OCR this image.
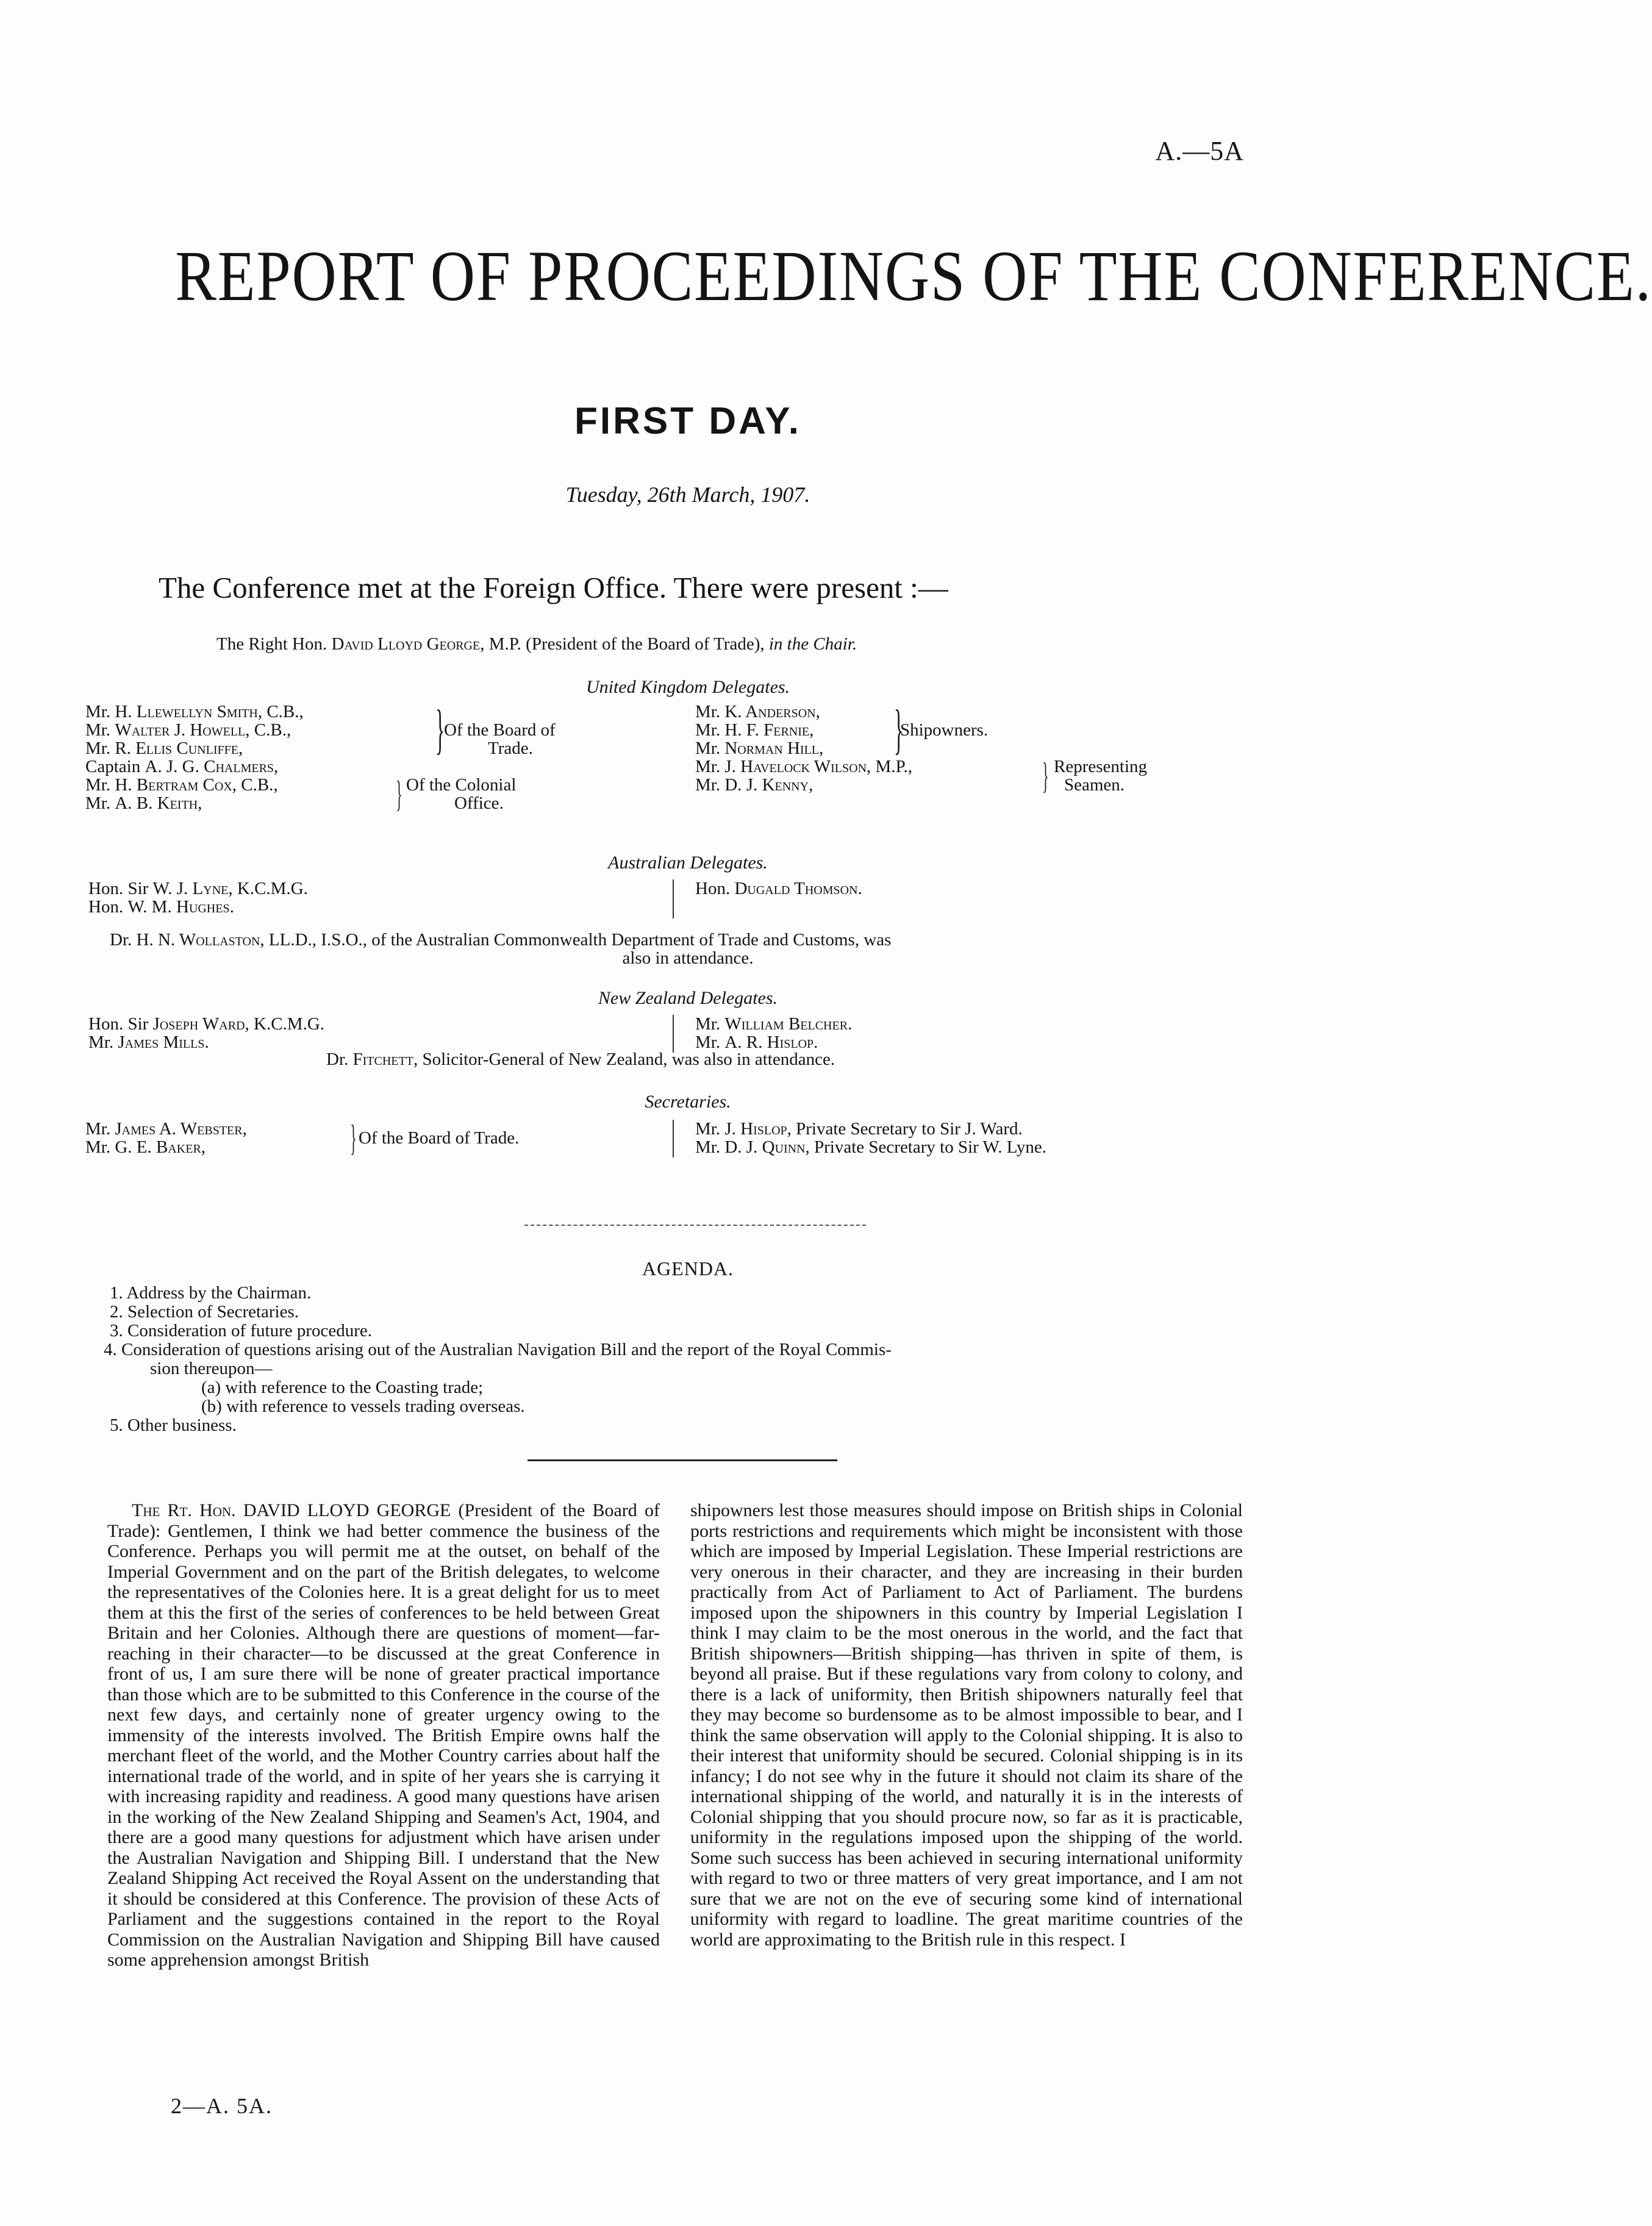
A.—5A
REPORT OF PROCEEDINGS OF THE CONFERENCE.
FIRST DAY.
Tuesday, 26th March, 1907.
The Conference met at the Foreign Office. There were present :—
The Right Hon. David Lloyd George, M.P. (President of the Board of Trade), in the Chair.
United Kingdom Delegates.
Mr. H. Llewellyn Smith, C.B.,
Mr. Walter J. Howell, C.B.,
Mr. R. Ellis Cunliffe,
Captain A. J. G. Chalmers,
Mr. H. Bertram Cox, C.B.,
Mr. A. B. Keith,
}
Of the Board of
Trade.
} Of the Colonial
Office.
Mr. K. Anderson,
Mr. H. F. Fernie,
Mr. Norman Hill,
Mr. J. Havelock Wilson, M.P.,
Mr. D. J. Kenny,
}
Shipowners.
} Representing
Seamen.
Australian Delegates.
Hon. Sir W. J. Lyne, K.C.M.G.
Hon. W. M. Hughes.
Hon. Dugald Thomson.
Dr. H. N. Wollaston, LL.D., I.S.O., of the Australian Commonwealth Department of Trade and Customs, was
also in attendance.
New Zealand Delegates.
Hon. Sir Joseph Ward, K.C.M.G.
Mr. James Mills.
Mr. William Belcher.
Mr. A. R. Hislop.
Dr. Fitchett, Solicitor-General of New Zealand, was also in attendance.
Secretaries.
Mr. James A. Webster,
Mr. G. E. Baker,	} Of the Board of Trade.	Mr. J. Hislop, Private Secretary to Sir J. Ward.
Mr. D. J. Quinn, Private Secretary to Sir W. Lyne.
AGENDA.
1. Address by the Chairman.
2. Selection of Secretaries.
3. Consideration of future procedure.
4. Consideration of questions arising out of the Australian Navigation Bill and the report of the Royal Commis-
sion thereupon—
(a) with reference to the Coasting trade;
(b) with reference to vessels trading overseas.
5. Other business.

The Rt. Hon. DAVID LLOYD GEORGE (President of the Board of Trade): Gentlemen, I think we had better commence the business of the Conference. Perhaps you will permit me at the outset, on behalf of the Imperial Government and on the part of the British delegates, to welcome the representatives of the Colonies here. It is a great delight for us to meet them at this the first of the series of conferences to be held between Great Britain and her Colonies. Although there are questions of moment—far-reaching in their character—to be discussed at the great Conference in front of us, I am sure there will be none of greater practical importance than those which are to be submitted to this Conference in the course of the next few days, and certainly none of greater urgency owing to the immensity of the interests involved. The British Empire owns half the merchant fleet of the world, and the Mother Country carries about half the international trade of the world, and in spite of her years she is carrying it with increasing rapidity and readiness. A good many questions have arisen in the working of the New Zealand Shipping and Seamen's Act, 1904, and there are a good many questions for adjustment which have arisen under the Australian Navigation and Shipping Bill. I understand that the New Zealand Shipping Act received the Royal Assent on the understanding that it should be considered at this Conference. The provision of these Acts of Parliament and the suggestions contained in the report to the Royal Commission on the Australian Navigation and Shipping Bill have caused some apprehension amongst British

shipowners lest those measures should impose on British ships in Colonial ports restrictions and requirements which might be inconsistent with those which are imposed by Imperial Legislation. These Imperial restrictions are very onerous in their character, and they are increasing in their burden practically from Act of Parliament to Act of Parliament. The burdens imposed upon the shipowners in this country by Imperial Legislation I think I may claim to be the most onerous in the world, and the fact that British shipowners—British shipping—has thriven in spite of them, is beyond all praise. But if these regulations vary from colony to colony, and there is a lack of uniformity, then British shipowners naturally feel that they may become so burdensome as to be almost impossible to bear, and I think the same observation will apply to the Colonial shipping. It is also to their interest that uniformity should be secured. Colonial shipping is in its infancy; I do not see why in the future it should not claim its share of the international shipping of the world, and naturally it is in the interests of Colonial shipping that you should procure now, so far as it is practicable, uniformity in the regulations imposed upon the shipping of the world. Some such success has been achieved in securing international uniformity with regard to two or three matters of very great importance, and I am not sure that we are not on the eve of securing some kind of international uniformity with regard to loadline. The great maritime countries of the world are approximating to the British rule in this respect. I

2—A. 5A.
